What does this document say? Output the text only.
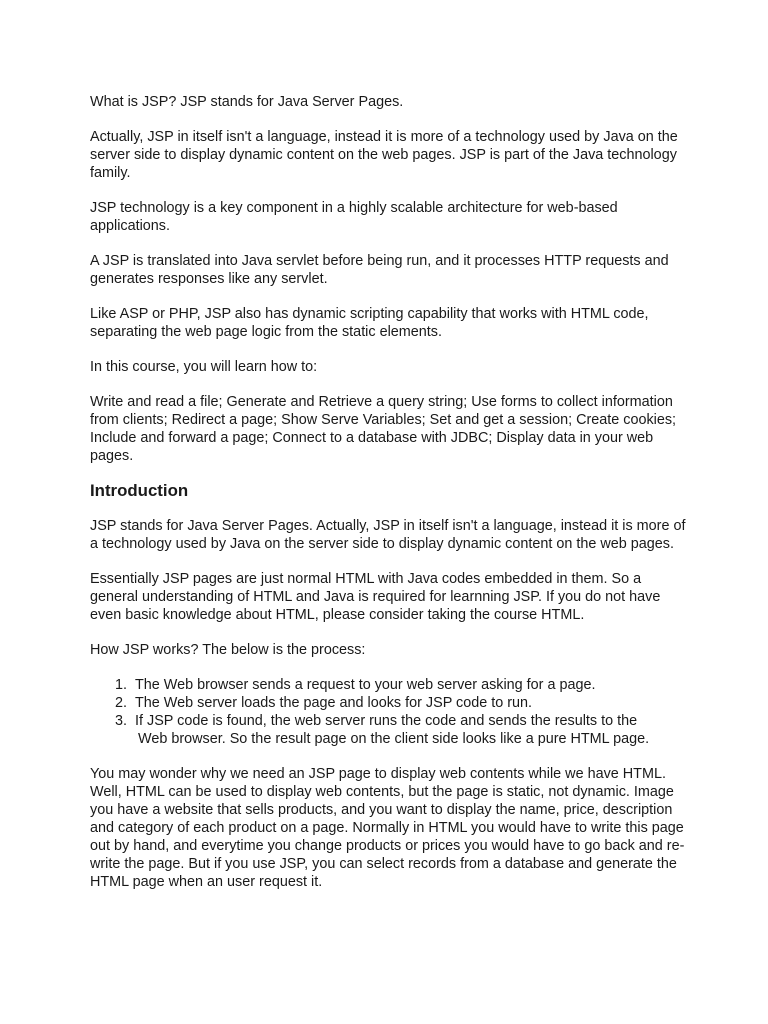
What is JSP? JSP stands for Java Server Pages.

Actually, JSP in itself isn't a language, instead it is more of a technology used by Java on the server side to display dynamic content on the web pages. JSP is part of the Java technology family.

JSP technology is a key component in a highly scalable architecture for web-based applications.

A JSP is translated into Java servlet before being run, and it processes HTTP requests and generates responses like any servlet.

Like ASP or PHP, JSP also has dynamic scripting capability that works with HTML code, separating the web page logic from the static elements.

In this course, you will learn how to:

Write and read a file; Generate and Retrieve a query string; Use forms to collect information from clients; Redirect a page; Show Serve Variables; Set and get a session; Create cookies; Include and forward a page; Connect to a database with JDBC; Display data in your web pages.

Introduction

JSP stands for Java Server Pages. Actually, JSP in itself isn't a language, instead it is more of a technology used by Java on the server side to display dynamic content on the web pages.

Essentially JSP pages are just normal HTML with Java codes embedded in them. So a general understanding of HTML and Java is required for learnning JSP. If you do not have even basic knowledge about HTML, please consider taking the course HTML.

How JSP works? The below is the process:

1. The Web browser sends a request to your web server asking for a page.
2. The Web server loads the page and looks for JSP code to run.
3. If JSP code is found, the web server runs the code and sends the results to the
Web browser. So the result page on the client side looks like a pure HTML page.

You may wonder why we need an JSP page to display web contents while we have HTML. Well, HTML can be used to display web contents, but the page is static, not dynamic. Image you have a website that sells products, and you want to display the name, price, description and category of each product on a page. Normally in HTML you would have to write this page out by hand, and everytime you change products or prices you would have to go back and re-write the page. But if you use JSP, you can select records from a database and generate the HTML page when an user request it.
